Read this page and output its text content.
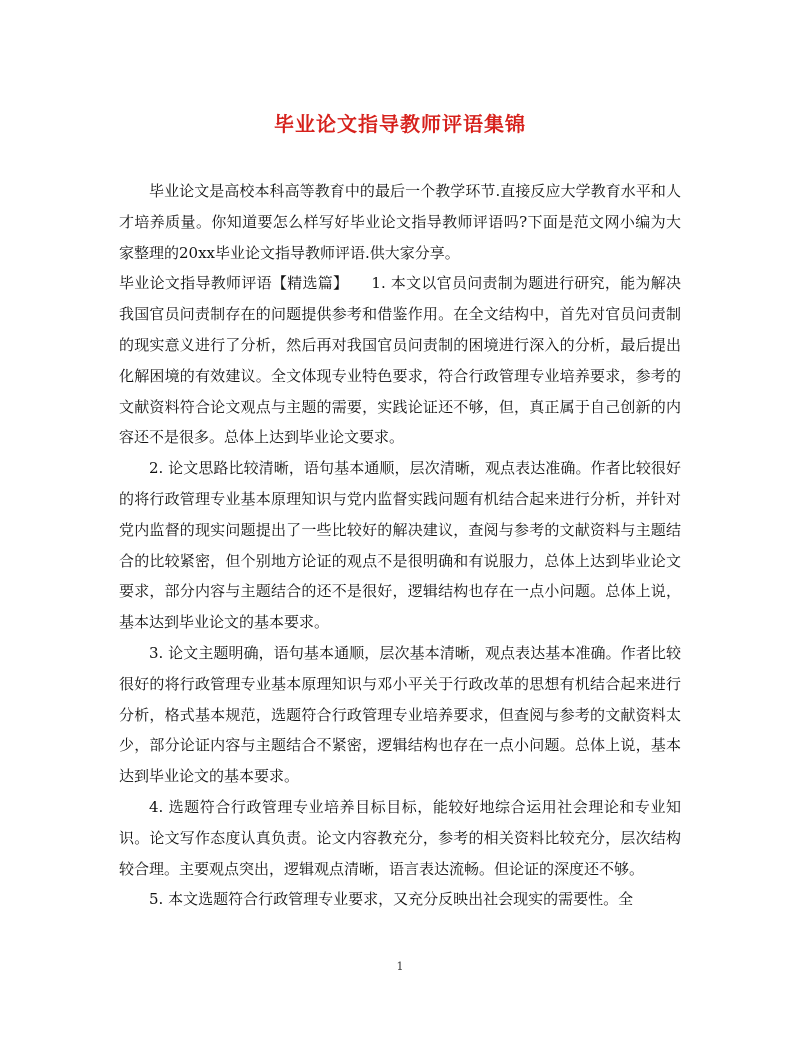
毕业论文指导教师评语集锦

毕业论文是高校本科高等教育中的最后一个教学环节.直接反应大学教育水平和人才培养质量。你知道要怎么样写好毕业论文指导教师评语吗?下面是范文网小编为大家整理的20xx毕业论文指导教师评语.供大家分享。

毕业论文指导教师评语【精选篇】　　1. 本文以官员问责制为题进行研究，能为解决我国官员问责制存在的问题提供参考和借鉴作用。在全文结构中，首先对官员问责制的现实意义进行了分析，然后再对我国官员问责制的困境进行深入的分析，最后提出化解困境的有效建议。全文体现专业特色要求，符合行政管理专业培养要求，参考的文献资料符合论文观点与主题的需要，实践论证还不够，但，真正属于自己创新的内容还不是很多。总体上达到毕业论文要求。

2. 论文思路比较清晰，语句基本通顺，层次清晰，观点表达准确。作者比较很好的将行政管理专业基本原理知识与党内监督实践问题有机结合起来进行分析，并针对党内监督的现实问题提出了一些比较好的解决建议，查阅与参考的文献资料与主题结合的比较紧密，但个别地方论证的观点不是很明确和有说服力，总体上达到毕业论文要求，部分内容与主题结合的还不是很好，逻辑结构也存在一点小问题。总体上说，基本达到毕业论文的基本要求。

3. 论文主题明确，语句基本通顺，层次基本清晰，观点表达基本准确。作者比较很好的将行政管理专业基本原理知识与邓小平关于行政改革的思想有机结合起来进行分析，格式基本规范，选题符合行政管理专业培养要求，但查阅与参考的文献资料太少，部分论证内容与主题结合不紧密，逻辑结构也存在一点小问题。总体上说，基本达到毕业论文的基本要求。

4. 选题符合行政管理专业培养目标目标，能较好地综合运用社会理论和专业知识。论文写作态度认真负责。论文内容教充分，参考的相关资料比较充分，层次结构较合理。主要观点突出，逻辑观点清晰，语言表达流畅。但论证的深度还不够。

5. 本文选题符合行政管理专业要求，又充分反映出社会现实的需要性。全

1
